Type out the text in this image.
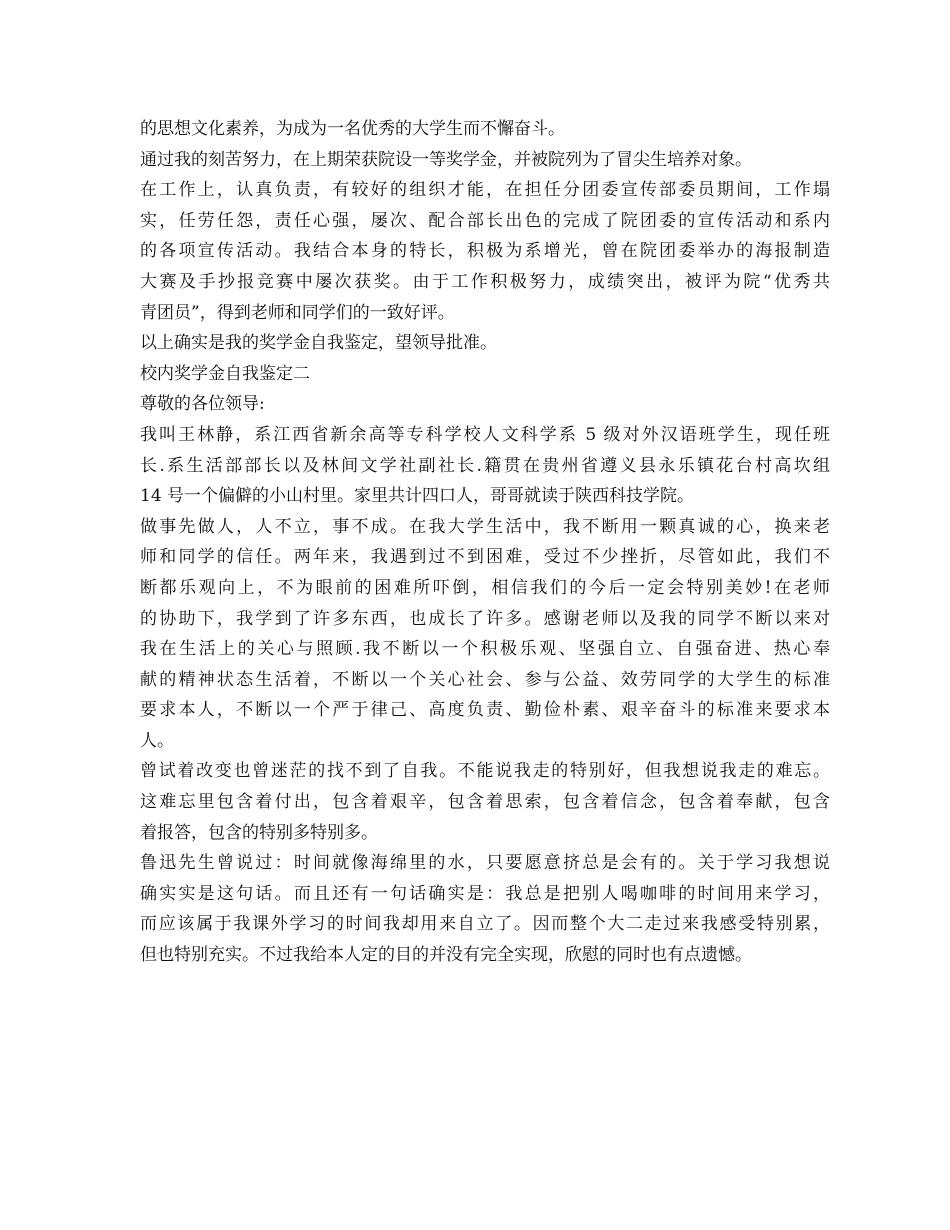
的思想文化素养，为成为一名优秀的大学生而不懈奋斗。
通过我的刻苦努力，在上期荣获院设一等奖学金，并被院列为了冒尖生培养对象。
在工作上，认真负责，有较好的组织才能，在担任分团委宣传部委员期间，工作塌
实，任劳任怨，责任心强，屡次、配合部长出色的完成了院团委的宣传活动和系内
的各项宣传活动。我结合本身的特长，积极为系增光，曾在院团委举办的海报制造
大赛及手抄报竞赛中屡次获奖。由于工作积极努力，成绩突出，被评为院“优秀共
青团员”，得到老师和同学们的一致好评。
以上确实是我的奖学金自我鉴定，望领导批准。
校内奖学金自我鉴定二
尊敬的各位领导:
我叫王林静，系江西省新余高等专科学校人文科学系 5 级对外汉语班学生，现任班
长.系生活部部长以及林间文学社副社长.籍贯在贵州省遵义县永乐镇花台村高坎组
14 号一个偏僻的小山村里。家里共计四口人，哥哥就读于陕西科技学院。
做事先做人，人不立，事不成。在我大学生活中，我不断用一颗真诚的心，换来老
师和同学的信任。两年来，我遇到过不到困难，受过不少挫折，尽管如此，我们不
断都乐观向上，不为眼前的困难所吓倒，相信我们的今后一定会特别美妙!在老师
的协助下，我学到了许多东西，也成长了许多。感谢老师以及我的同学不断以来对
我在生活上的关心与照顾.我不断以一个积极乐观、坚强自立、自强奋进、热心奉
献的精神状态生活着，不断以一个关心社会、参与公益、效劳同学的大学生的标准
要求本人，不断以一个严于律己、高度负责、勤俭朴素、艰辛奋斗的标准来要求本
人。
曾试着改变也曾迷茫的找不到了自我。不能说我走的特别好，但我想说我走的难忘。
这难忘里包含着付出，包含着艰辛，包含着思索，包含着信念，包含着奉献，包含
着报答，包含的特别多特别多。
鲁迅先生曾说过：时间就像海绵里的水，只要愿意挤总是会有的。关于学习我想说
确实实是这句话。而且还有一句话确实是：我总是把别人喝咖啡的时间用来学习，
而应该属于我课外学习的时间我却用来自立了。因而整个大二走过来我感受特别累，
但也特别充实。不过我给本人定的目的并没有完全实现，欣慰的同时也有点遗憾。
